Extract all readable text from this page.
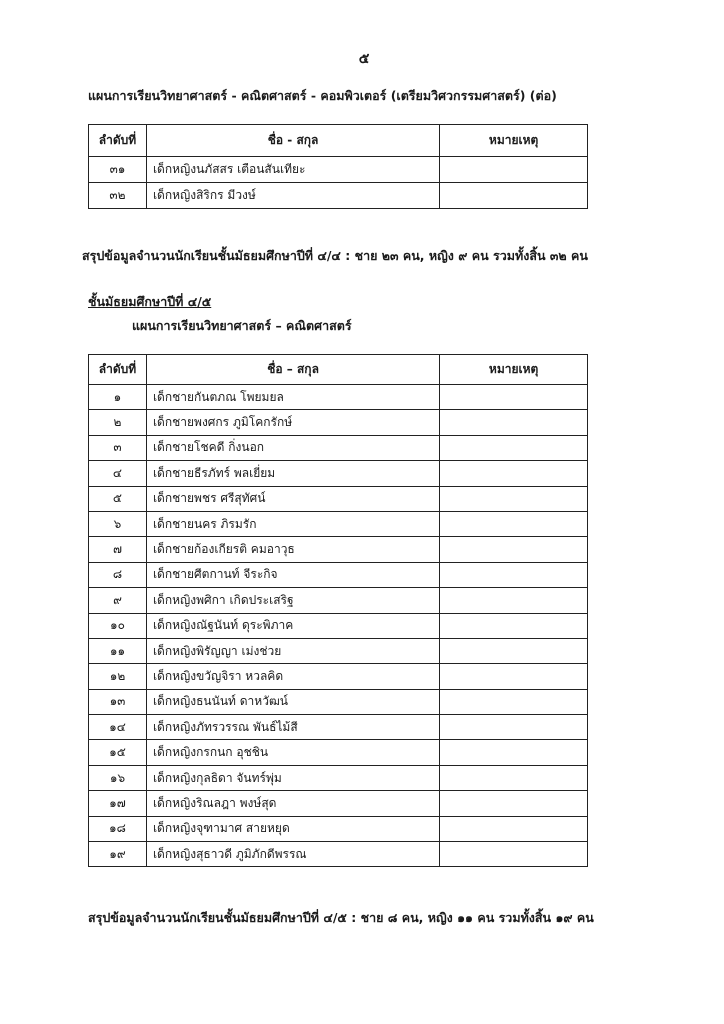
๕
แผนการเรียนวิทยาศาสตร์ - คณิตศาสตร์ - คอมพิวเตอร์ (เตรียมวิศวกรรมศาสตร์) (ต่อ)
ลำดับที่	ชื่อ - สกุล	หมายเหตุ
๓๑	เด็กหญิงนภัสสร เตือนสันเทียะ	
๓๒	เด็กหญิงสิริกร มีวงษ์	
สรุปข้อมูลจำนวนนักเรียนชั้นมัธยมศึกษาปีที่ ๔/๔ : ชาย ๒๓ คน, หญิง ๙ คน รวมทั้งสิ้น ๓๒ คน
ชั้นมัธยมศึกษาปีที่ ๔/๕
แผนการเรียนวิทยาศาสตร์ – คณิตศาสตร์
ลำดับที่	ชื่อ – สกุล	หมายเหตุ
๑	เด็กชายกันตภณ โพยมยล	
๒	เด็กชายพงศกร ภูมิโคกรักษ์	
๓	เด็กชายโชคดี กิ่งนอก	
๔	เด็กชายธีรภัทร์ พลเยี่ยม	
๕	เด็กชายพชร ศรีสุทัศน์	
๖	เด็กชายนคร ภิรมรัก	
๗	เด็กชายก้องเกียรติ คมอาวุธ	
๘	เด็กชายศีตกานท์ จีระกิจ	
๙	เด็กหญิงพศิกา เกิดประเสริฐ	
๑๐	เด็กหญิงณัฐนันท์ ดุระพิภาค	
๑๑	เด็กหญิงพิรัญญา เม่งช่วย	
๑๒	เด็กหญิงขวัญจิรา หวลคิด	
๑๓	เด็กหญิงธนนันท์ ดาหวัฒน์	
๑๔	เด็กหญิงภัทรวรรณ พันธ์ไม้สี	
๑๕	เด็กหญิงกรกนก อุชชิน	
๑๖	เด็กหญิงกุลธิดา จันทร์พุ่ม	
๑๗	เด็กหญิงริณลฎา พงษ์สุด	
๑๘	เด็กหญิงจุฑามาศ สายหยุด	
๑๙	เด็กหญิงสุธาวดี ภูมิภักดีพรรณ	
สรุปข้อมูลจำนวนนักเรียนชั้นมัธยมศึกษาปีที่ ๔/๕ : ชาย ๘ คน, หญิง ๑๑ คน รวมทั้งสิ้น ๑๙ คน
